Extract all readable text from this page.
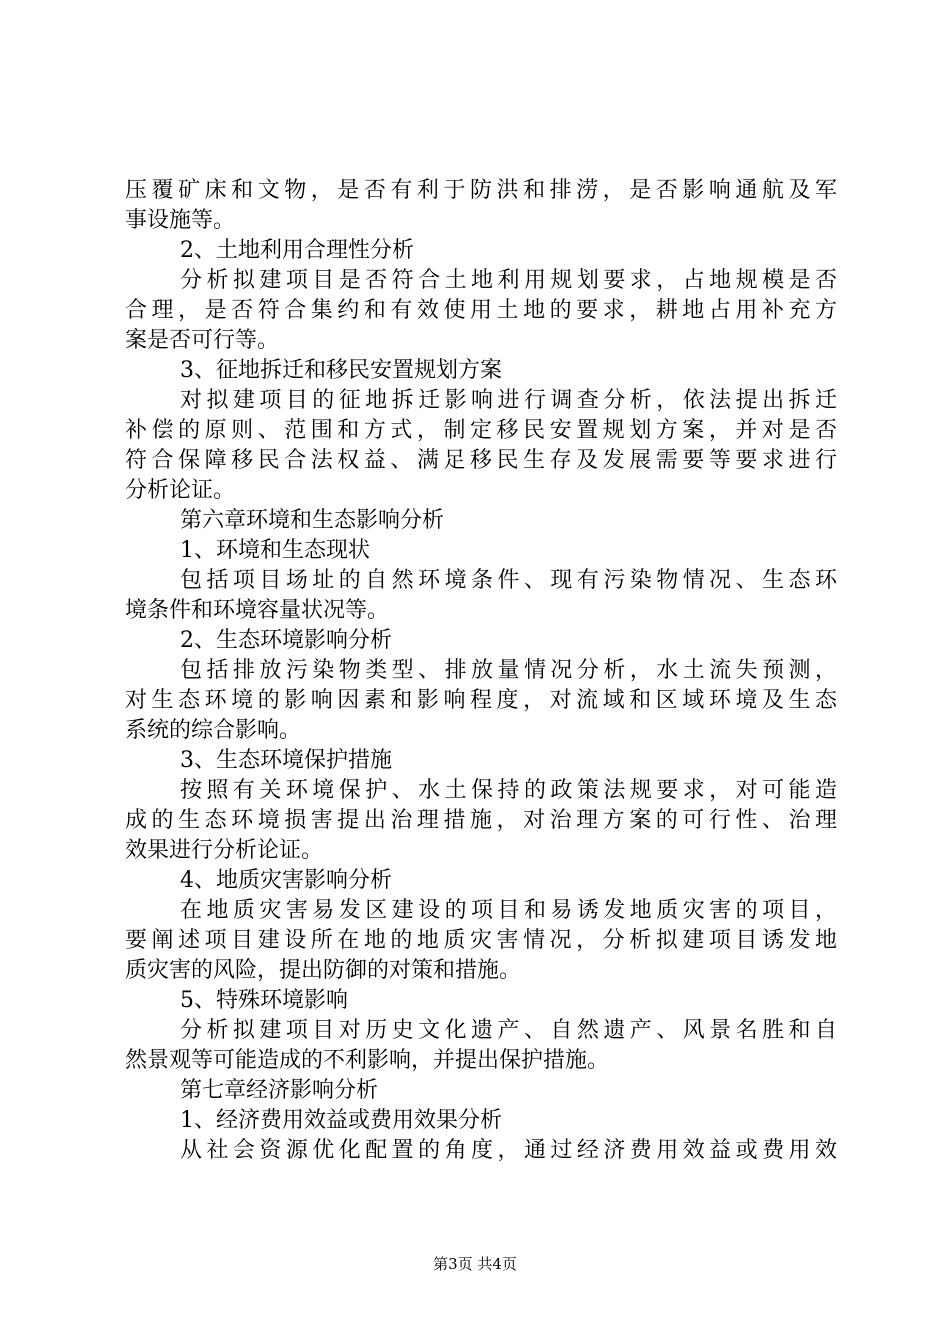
压覆矿床和文物，是否有利于防洪和排涝，是否影响通航及军
事设施等。
2、土地利用合理性分析
分析拟建项目是否符合土地利用规划要求，占地规模是否
合理，是否符合集约和有效使用土地的要求，耕地占用补充方
案是否可行等。
3、征地拆迁和移民安置规划方案
对拟建项目的征地拆迁影响进行调查分析，依法提出拆迁
补偿的原则、范围和方式，制定移民安置规划方案，并对是否
符合保障移民合法权益、满足移民生存及发展需要等要求进行
分析论证。
第六章环境和生态影响分析
1、环境和生态现状
包括项目场址的自然环境条件、现有污染物情况、生态环
境条件和环境容量状况等。
2、生态环境影响分析
包括排放污染物类型、排放量情况分析，水土流失预测，
对生态环境的影响因素和影响程度，对流域和区域环境及生态
系统的综合影响。
3、生态环境保护措施
按照有关环境保护、水土保持的政策法规要求，对可能造
成的生态环境损害提出治理措施，对治理方案的可行性、治理
效果进行分析论证。
4、地质灾害影响分析
在地质灾害易发区建设的项目和易诱发地质灾害的项目，
要阐述项目建设所在地的地质灾害情况，分析拟建项目诱发地
质灾害的风险，提出防御的对策和措施。
5、特殊环境影响
分析拟建项目对历史文化遗产、自然遗产、风景名胜和自
然景观等可能造成的不利影响，并提出保护措施。
第七章经济影响分析
1、经济费用效益或费用效果分析
从社会资源优化配置的角度，通过经济费用效益或费用效
第3页 共4页
